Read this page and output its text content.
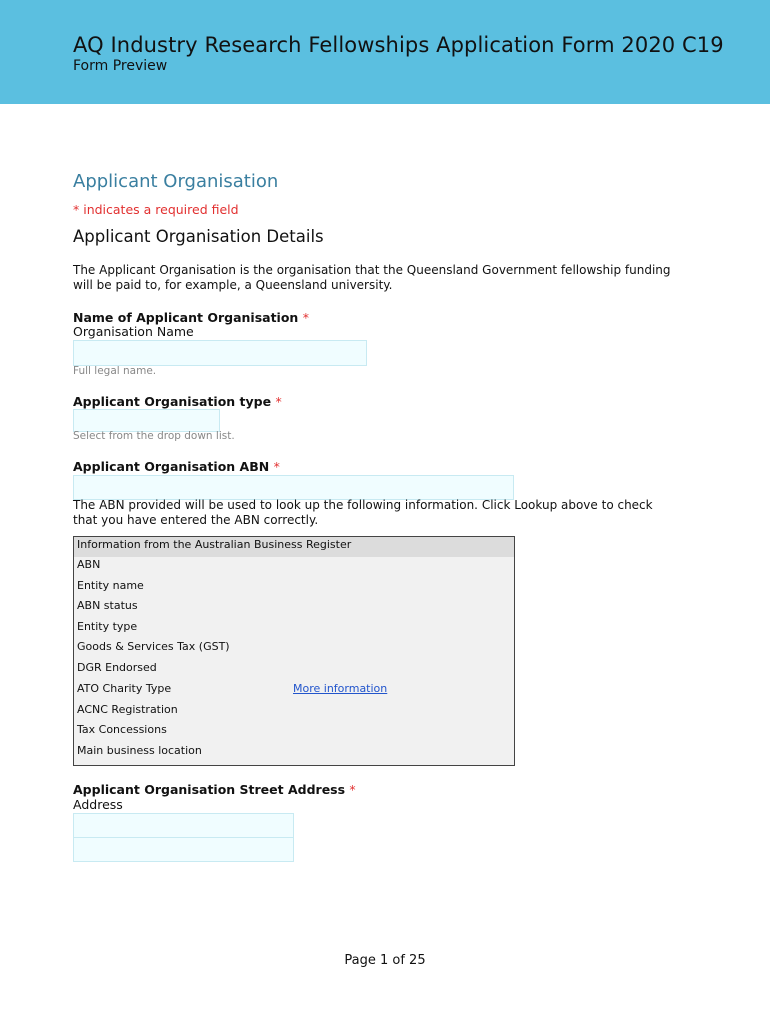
AQ Industry Research Fellowships Application Form 2020 C19
Form Preview
Applicant Organisation
* indicates a required field
Applicant Organisation Details
The Applicant Organisation is the organisation that the Queensland Government fellowship funding will be paid to, for example, a Queensland university.
Name of Applicant Organisation *
Organisation Name
Full legal name.
Applicant Organisation type *
Select from the drop down list.
Applicant Organisation ABN *
The ABN provided will be used to look up the following information. Click Lookup above to check that you have entered the ABN correctly.
Information from the Australian Business Register
ABN
Entity name
ABN status
Entity type
Goods & Services Tax (GST)
DGR Endorsed
ATO Charity Type	More information
ACNC Registration
Tax Concessions
Main business location
Applicant Organisation Street Address *
Address
Page 1 of 25
